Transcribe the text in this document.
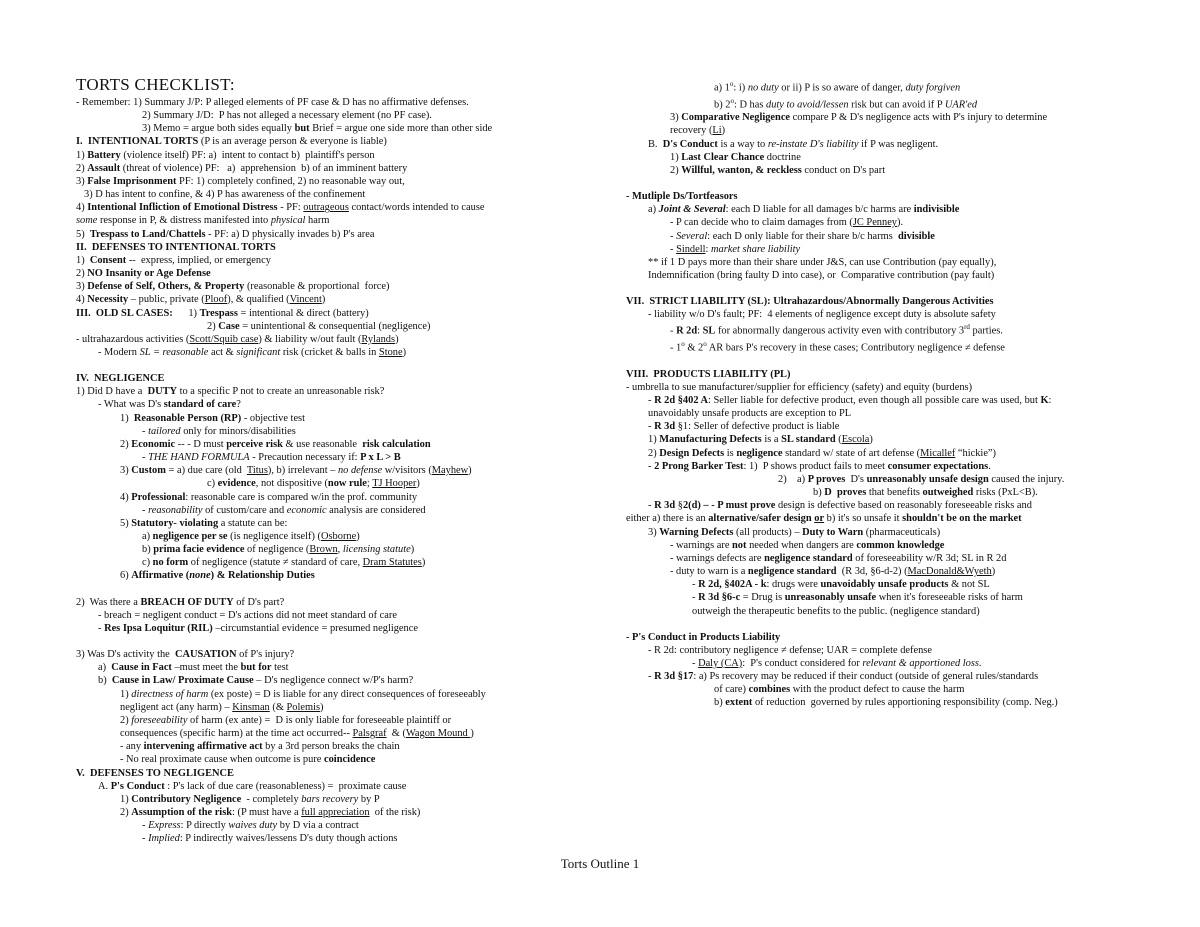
TORTS CHECKLIST:
- Remember: 1) Summary J/P: P alleged elements of PF case & D has no affirmative defenses.
2) Summary J/D:  P has not alleged a necessary element (no PF case).
3) Memo = argue both sides equally but Brief = argue one side more than other side
I.  INTENTIONAL TORTS (P is an average person & everyone is liable)
1) Battery (violence itself) PF: a)  intent to contact b)  plaintiff's person
2) Assault (threat of violence) PF:   a)  apprehension  b) of an imminent battery
3) False Imprisonment PF: 1) completely confined, 2) no reasonable way out,
3) D has intent to confine, & 4) P has awareness of the confinement
4) Intentional Infliction of Emotional Distress - PF: outrageous contact/words intended to cause
some response in P, & distress manifested into physical harm
5)  Trespass to Land/Chattels - PF: a) D physically invades b) P's area
II.  DEFENSES TO INTENTIONAL TORTS
1)  Consent --  express, implied, or emergency
2) NO Insanity or Age Defense
3) Defense of Self, Others, & Property (reasonable & proportional  force)
4) Necessity – public, private (Ploof), & qualified (Vincent)
III.  OLD SL CASES:      1) Trespass = intentional & direct (battery)
2) Case = unintentional & consequential (negligence)
- ultrahazardous activities (Scott/Squib case) & liability w/out fault (Rylands)
- Modern SL = reasonable act & significant risk (cricket & balls in Stone)
IV.  NEGLIGENCE
1) Did D have a  DUTY to a specific P not to create an unreasonable risk?
- What was D's standard of care?
1)  Reasonable Person (RP) - objective test
- tailored only for minors/disabilities
2) Economic -- - D must perceive risk & use reasonable  risk calculation
- THE HAND FORMULA - Precaution necessary if: P x L > B
3) Custom = a) due care (old  Titus), b) irrelevant – no defense w/visitors (Mayhew)
c) evidence, not dispositive (now rule; TJ Hooper)
4) Professional: reasonable care is compared w/in the prof. community
- reasonability of custom/care and economic analysis are considered
5) Statutory- violating a statute can be:
a) negligence per se (is negligence itself) (Osborne)
b) prima facie evidence of negligence (Brown, licensing statute)
c) no form of negligence (statute ≠ standard of care, Dram Statutes)
6) Affirmative (none) & Relationship Duties
2)  Was there a BREACH OF DUTY of D's part?
- breach = negligent conduct = D's actions did not meet standard of care
- Res Ipsa Loquitur (RIL) –circumstantial evidence = presumed negligence
3) Was D's activity the  CAUSATION of P's injury?
a)  Cause in Fact –must meet the but for test
b)  Cause in Law/ Proximate Cause – D's negligence connect w/P's harm?
1) directness of harm (ex poste) = D is liable for any direct consequences of foreseeably
negligent act (any harm) – Kinsman (& Polemis)
2) foreseeability of harm (ex ante) =  D is only liable for foreseeable plaintiff or
consequences (specific harm) at the time act occurred-- Palsgraf  & (Wagon Mound )
- any intervening affirmative act by a 3rd person breaks the chain
- No real proximate cause when outcome is pure coincidence
V.  DEFENSES TO NEGLIGENCE
A. P's Conduct : P's lack of due care (reasonableness) =  proximate cause
1) Contributory Negligence  - completely bars recovery by P
2) Assumption of the risk: (P must have a full appreciation  of the risk)
- Express: P directly waives duty by D via a contract
- Implied: P indirectly waives/lessens D's duty though actions
a) 1$^o$: i) no duty or ii) P is so aware of danger, duty forgiven
b) 2$^o$: D has duty to avoid/lessen risk but can avoid if P UAR'ed
3) Comparative Negligence compare P & D's negligence acts with P's injury to determine
recovery (Li)
B.  D's Conduct is a way to re-instate D's liability if P was negligent.
1) Last Clear Chance doctrine
2) Willful, wanton, & reckless conduct on D's part
- Mutliple Ds/Tortfeasors
a) Joint & Several: each D liable for all damages b/c harms are indivisible
- P can decide who to claim damages from (JC Penney).
- Several: each D only liable for their share b/c harms  divisible
- Sindell: market share liability
** if 1 D pays more than their share under J&S, can use Contribution (pay equally),
Indemnification (bring faulty D into case), or  Comparative contribution (pay fault)
VII.  STRICT LIABILITY (SL): Ultrahazardous/Abnormally Dangerous Activities
- liability w/o D's fault; PF:  4 elements of negligence except duty is absolute safety
- R 2d: SL for abnormally dangerous activity even with contributory 3rd parties.
- 1$^o$ & 2$^o$ AR bars P's recovery in these cases; Contributory negligence ≠ defense
VIII.  PRODUCTS LIABILITY (PL)
- umbrella to sue manufacturer/supplier for efficiency (safety) and equity (burdens)
- R 2d §402 A: Seller liable for defective product, even though all possible care was used, but K:
unavoidably unsafe products are exception to PL
- R 3d §1: Seller of defective product is liable
1) Manufacturing Defects is a SL standard (Escola)
2) Design Defects is negligence standard w/ state of art defense (Micallef “hickie”)
- 2 Prong Barker Test: 1)  P shows product fails to meet consumer expectations.
2)    a) P proves  D's unreasonably unsafe design caused the injury.
b) D proves that benefits outweighed risks (PxL<B).
- R 3d §2(d) – - P must prove design is defective based on reasonably foreseeable risks and
either a) there is an alternative/safer design or b) it's so unsafe it shouldn't be on the market
3) Warning Defects (all products) – Duty to Warn (pharmaceuticals)
- warnings are not needed when dangers are common knowledge
- warnings defects are negligence standard of foreseeability w/R 3d; SL in R 2d
- duty to warn is a negligence standard  (R 3d, §6-d-2) (MacDonald&Wyeth)
- R 2d, §402A - k: drugs were unavoidably unsafe products & not SL
- R 3d §6-c = Drug is unreasonably unsafe when it's foreseeable risks of harm
outweigh the therapeutic benefits to the public. (negligence standard)
- P's Conduct in Products Liability
- R 2d: contributory negligence ≠ defense; UAR = complete defense
- Daly (CA):  P's conduct considered for relevant & apportioned loss.
- R 3d §17: a) Ps recovery may be reduced if their conduct (outside of general rules/standards
of care) combines with the product defect to cause the harm
b) extent of reduction  governed by rules apportioning responsibility (comp. Neg.)
Torts Outline 1
